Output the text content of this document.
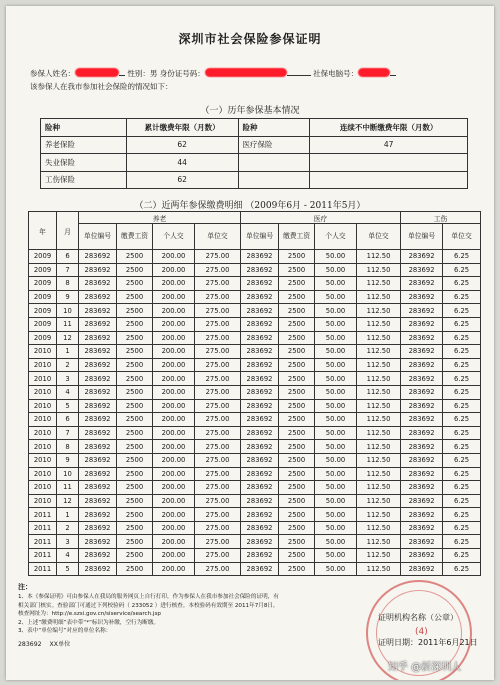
深圳市社会保险参保证明
参保人姓名：	性别：男 身份证号码：	社保电脑号：
该参保人在我市参加社会保险的情况如下：
（一）历年参保基本情况
险种	累计缴费年限（月数）	险种	连续不中断缴费年限（月数）
养老保险	62	医疗保险	47
失业保险	44		
工伤保险	62		
（二）近两年参保缴费明细 （2009年6月 - 2011年5月）
年	月	养老				医疗				工伤	
		单位编号	缴费工资	个人交	单位交	单位编号	缴费工资	个人交	单位交	单位编号	单位交
2009	6	283692	2500	200.00	275.00	283692	2500	50.00	112.50	283692	6.25
2009	7	283692	2500	200.00	275.00	283692	2500	50.00	112.50	283692	6.25
2009	8	283692	2500	200.00	275.00	283692	2500	50.00	112.50	283692	6.25
2009	9	283692	2500	200.00	275.00	283692	2500	50.00	112.50	283692	6.25
2009	10	283692	2500	200.00	275.00	283692	2500	50.00	112.50	283692	6.25
2009	11	283692	2500	200.00	275.00	283692	2500	50.00	112.50	283692	6.25
2009	12	283692	2500	200.00	275.00	283692	2500	50.00	112.50	283692	6.25
2010	1	283692	2500	200.00	275.00	283692	2500	50.00	112.50	283692	6.25
2010	2	283692	2500	200.00	275.00	283692	2500	50.00	112.50	283692	6.25
2010	3	283692	2500	200.00	275.00	283692	2500	50.00	112.50	283692	6.25
2010	4	283692	2500	200.00	275.00	283692	2500	50.00	112.50	283692	6.25
2010	5	283692	2500	200.00	275.00	283692	2500	50.00	112.50	283692	6.25
2010	6	283692	2500	200.00	275.00	283692	2500	50.00	112.50	283692	6.25
2010	7	283692	2500	200.00	275.00	283692	2500	50.00	112.50	283692	6.25
2010	8	283692	2500	200.00	275.00	283692	2500	50.00	112.50	283692	6.25
2010	9	283692	2500	200.00	275.00	283692	2500	50.00	112.50	283692	6.25
2010	10	283692	2500	200.00	275.00	283692	2500	50.00	112.50	283692	6.25
2010	11	283692	2500	200.00	275.00	283692	2500	50.00	112.50	283692	6.25
2010	12	283692	2500	200.00	275.00	283692	2500	50.00	112.50	283692	6.25
2011	1	283692	2500	200.00	275.00	283692	2500	50.00	112.50	283692	6.25
2011	2	283692	2500	200.00	275.00	283692	2500	50.00	112.50	283692	6.25
2011	3	283692	2500	200.00	275.00	283692	2500	50.00	112.50	283692	6.25
2011	4	283692	2500	200.00	275.00	283692	2500	50.00	112.50	283692	6.25
2011	5	283692	2500	200.00	275.00	283692	2500	50.00	112.50	283692	6.25
注：
1、本《参保证明》可由参保人在我局的服务网页上自行打印，作为参保人在我市参加社会保险的证明，有
相关部门核实。查验部门可通过下列校验码（ 233052 ）进行核查。本校验码有效期至 2011年7月8日，
核查网址为：http://e.szsi.gov.cn/siservice/search.jsp
2、上述“缴费明细”表中带“*”标识为补缴，空行为断缴。
3、表中“单位编号”对应的单位名称：
283692 XX单位
(4)
证明机构名称（公章）
证明日期：2011年6月21日
知乎 @新深圳人
